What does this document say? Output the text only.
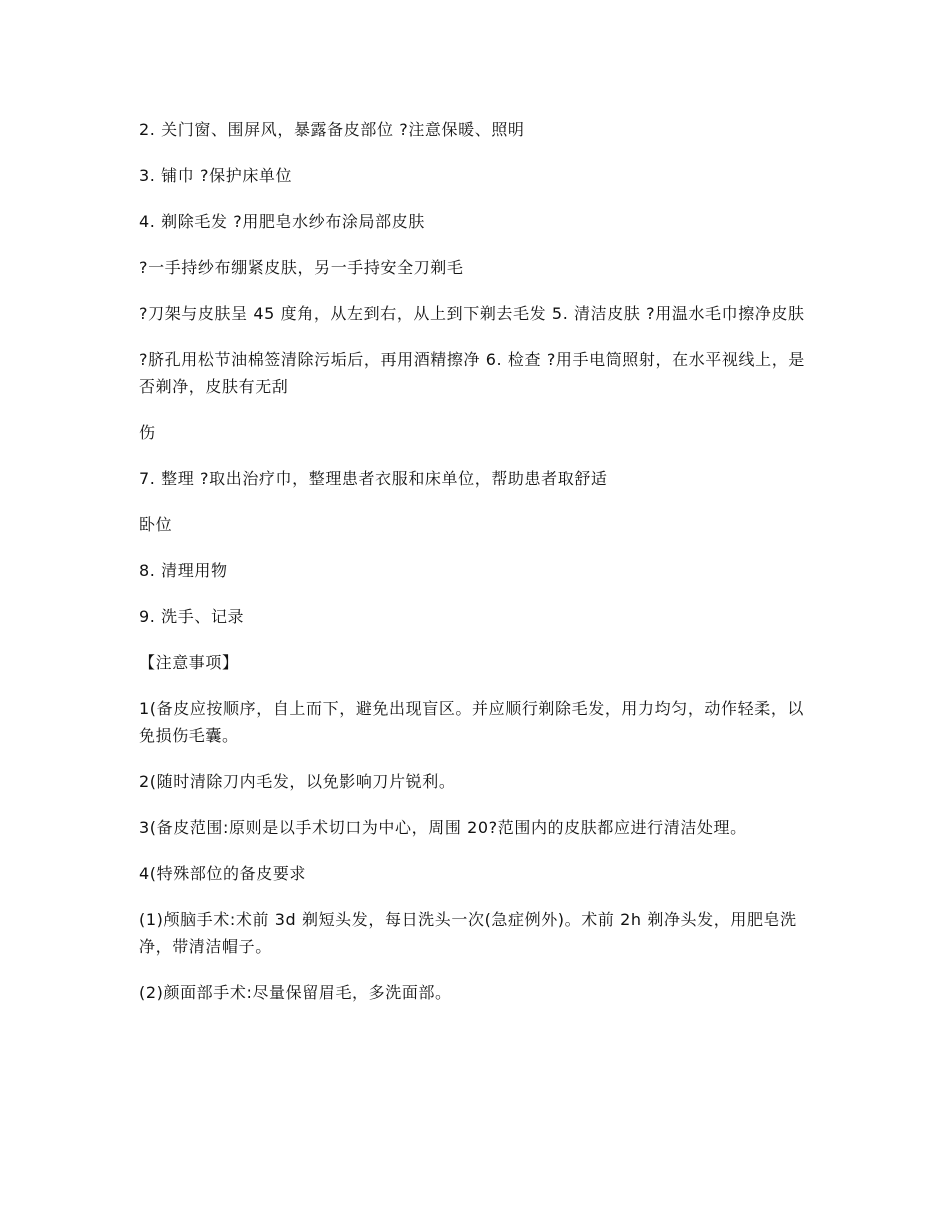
2. 关门窗、围屏风，暴露备皮部位 ?注意保暖、照明

3. 铺巾 ?保护床单位

4. 剃除毛发 ?用肥皂水纱布涂局部皮肤

?一手持纱布绷紧皮肤，另一手持安全刀剃毛

?刀架与皮肤呈 45 度角，从左到右，从上到下剃去毛发 5. 清洁皮肤 ?用温水毛巾擦净皮肤

?脐孔用松节油棉签清除污垢后，再用酒精擦净 6. 检查 ?用手电筒照射，在水平视线上，是否剃净，皮肤有无刮

伤

7. 整理 ?取出治疗巾，整理患者衣服和床单位，帮助患者取舒适

卧位

8. 清理用物

9. 洗手、记录

【注意事项】

1(备皮应按顺序，自上而下，避免出现盲区。并应顺行剃除毛发，用力均匀，动作轻柔，以免损伤毛囊。

2(随时清除刀内毛发，以免影响刀片锐利。

3(备皮范围:原则是以手术切口为中心，周围 20?范围内的皮肤都应进行清洁处理。

4(特殊部位的备皮要求

(1)颅脑手术:术前 3d 剃短头发，每日洗头一次(急症例外)。术前 2h 剃净头发，用肥皂洗净，带清洁帽子。

(2)颜面部手术:尽量保留眉毛，多洗面部。
